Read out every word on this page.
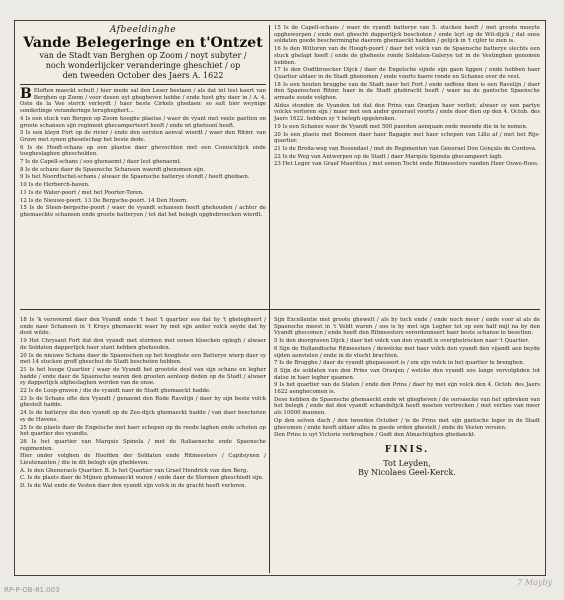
Afbeeldinghe
Vande Belegeringe en t'Ontzet
van de Stadt van Berghen op Zoom / noyt subyter /
noch wonderlijcker veranderinge gheschiet / op
den tweeden October des Jaers A. 1622

B Eloften maeckt schult / hier mede sal den Leser bestaen / als dat int lest kaert van Berghen op Zoom / voor desen uyt ghegheven hebbe / ende hoet ghy daer in / A. 4. Oste de la Vee sterck verleydt / haer beste Cirkels ghedaen: so salt hier weynige sonderlinge veranderinge terugheghert...

4 Is een stuck van Bergen op Zoom hooghe plaetse / waer de vyant met veele gaetten en groote schansen sijn regiment ghecamperteert heeft / ende wt ghetoont heeft.

5 Is een kleyn Fort op de rivier / ende den eersten aenval wierdt / waer den Ritmr. van Grave met synen gheselschap het beste dede.

6 Is de Hooft-schans op een plaetse daer ghevochten met een Conincklijck ende toegheslaghen ghescholden.

7 Is de Capell-schans / soo ghenaemt / daer lest ghenaemt.

8 Is de schans daer de Spaensche Schansen waerdt ghenomen sijn.

9 Is het Noordtschel-schans / alwaer de Spaensche batterye stondt / heeft ghedaen.

10 Is de Herberch-haven.

11 Is de Water-poort / met het Poorter-Toren.

12 Is de Nieuwe-poort. 13 De Bergsche-poort. 14 Den Hoorn.

15 Is de Steen-bergsche-poort / waer de vyandt schansen heeft ghehouden / achter de ghemaeckte schansen ende groote batteryen / tot dat het belegh opghebroocken wierdt.

15 Is de Capell-schans / waer de vyandt batterye van 5. stucken heeft / met groote moeyte opgheworpen / ende met ghescht dapperlijck beschoten / ende leyt op de Wit-dijck / dat onse soldaten goede bescherminghe daerom ghemaeckt hadden / gelijck in 't cijfer te zien is.

16 Is den Wittoren van de Hoogh-poort / daer het volck van de Spaensche batterye slechts een stuck ghelapt heeft / ende de gheheele ronde Soldaten-Galerye tot in de Vestinghen genomen hebben.

17 Is den Oudtbroecker Dijck / daer de Engelsche sijnde sijn gaen liggen / ende hebben haer Quartier aldaer in de Stadt ghenomen / ende voorts haere ronde en Schanse over de vest.

18 Is een houten brugghe van de Stadt naer het Fort / ende neffens dien is een Ravelijn / daer den Spaenschen Ritmr. haer in de Stadt ghebracht heeft / waer na de gantsche Spaensche armade soude volghen.

Aldus stonden de Vyanden tot dat den Prins van Oranjen haer verliet; alwaer sy een partye volckx verloren sijn / maer met een ander generael voorts / ende door dien op den 4. Octob. des Jaers 1622. hebben sy 't belegh opgebroken.

19 Is een Schanse waer de Vyandt met 500 paerden aenquam ende meende die in te nemen.

20 Is een plaets met Boomen daer haer Bagagie met haer schepen van Lillo af / met het Rijs-quartier.

21 Is de Breda-weg van Rosendael / met de Regimenten van Generael Don Gonçalo de Cordova.

22 Is de Weg van Antwerpen op de Stadt / daer Marquis Spinola ghecampeert lagh.

23 Het Leger van Graef Mauritius / met eenen Tocht ende Ritmeesters vanden Heer Ouwe-Roos.

18 Is 'k verovermt daer den Vyandt ende 't heel 't quartier soo dat hy 't ghelegheert / ende naer Schansen in 't Kruys ghemaeckt waer hy met sijn ander volck seyde dat hy doot wilde.

19 Het Chrysant Fort dat den vyandt met stormen met eenen kloecken oplegh / alwaer de Soldaten dapperlijck haer stant hebben ghehouden.

20 Is de nieuwe Schans daer de Spaenschen op het hooghste een Batterye wierp daer sy met 14 stucken groff gheschut de Stadt beschoten hebben.

21 Is het hooge Quartier / waer de Vyandt het grootste deel van sijn schans en legher hadde / ende daer de Spaensche waren den grooten aenloop deden op de Stadt / alwaer sy dapperlijck afgheslaghen worden van de onse.

22 Is de Loop-graven / die de vyandt naer de Stadt ghemaeckt hadde.

23 Is de Schans ofte den Vyandt / genaemt den Rode Ravelijn / daer hy sijn beste volck ghestelt hadde.

24 Is de batterye die den vyandt op de Zee-dijck ghemaeckt hadde / van daer beschoten sy de Havens.

25 Is de plaets daer de Engelsche met haer schepen op de reede laghen ende schoten op het quartier des vyandts.

26 Is het quartier van Marquis Spinola / met de Italiaensche ende Spaensche regimenten.

Hier onder volghen de Hoofden der Soldaten ende Ritmeesters / Capiteynen / Lieutenanten / die in dit belegh sijn ghebleven.

A. Is den Gheneraels Quartier. B. Is het Quartier van Graef Hendrick van den Berg.

C. Is de plaets daer de Mijnen ghemaeckt waren / ende daer de Stormen gheschiedt sijn.

D. Is de Wal ende de Vesten daer den vyandt sijn volck in de gracht heeft verloren.

Sijn Excellentie met groote ghewelt / als hy toch ende / ende noch meer / ende voor al als de Spaensche meest in 't Veldt waren / soo is hy met sijn Legher tot op een half mijl na by den Vyandt ghecomen / ende heeft den Ritmeesters verordonneert haer beste schanse te besetten.

5 Is den doorgraven Dijck / daer het volck van den vyandt is overghetrocken naer 't Quartier.

6 Sijn de Hollandtsche Ritmeesters / dewelcke met haer volck den vyandt den vijandt aen beyde sijden aenvielen / ende in de vlucht brachten.

7 Is de Brugghe / daer de vyandt ghepasseert is / om sijn volck in het quartier te brenghen.

8 Sijn de soldaten van den Prins van Oranjen / welcke den vyandt soo lange vervolghden tot datse in haer legher quamen.

9 Is het quartier van de Staten / ende den Prins / daer hy met sijn volck den 4. Octob. des Jaers 1622 aenghecomen is.

Dese hebben de Spaensche ghemaeckt ende wt ghegheven / de oorsaecke van het opbreken van het belegh / ende dat den vyandt schandelijck heeft moeten vertrecken / met verlies van meer als 10000 mannen.

Op den selven dach / den tweeden October / is de Prins met sijn gantsche leger in de Stadt ghecomen / ende heeft aldaer alles in goede orden ghestelt / ende de Vesten versien.

Den Prins is uyt Victorie verkreghen / Godt den Almachtighen ghedanckt.

FINIS.
Tot Leyden,
By Nicolaes Geel-Kerck.
RP-P-OB-81.003
7 Mayby
